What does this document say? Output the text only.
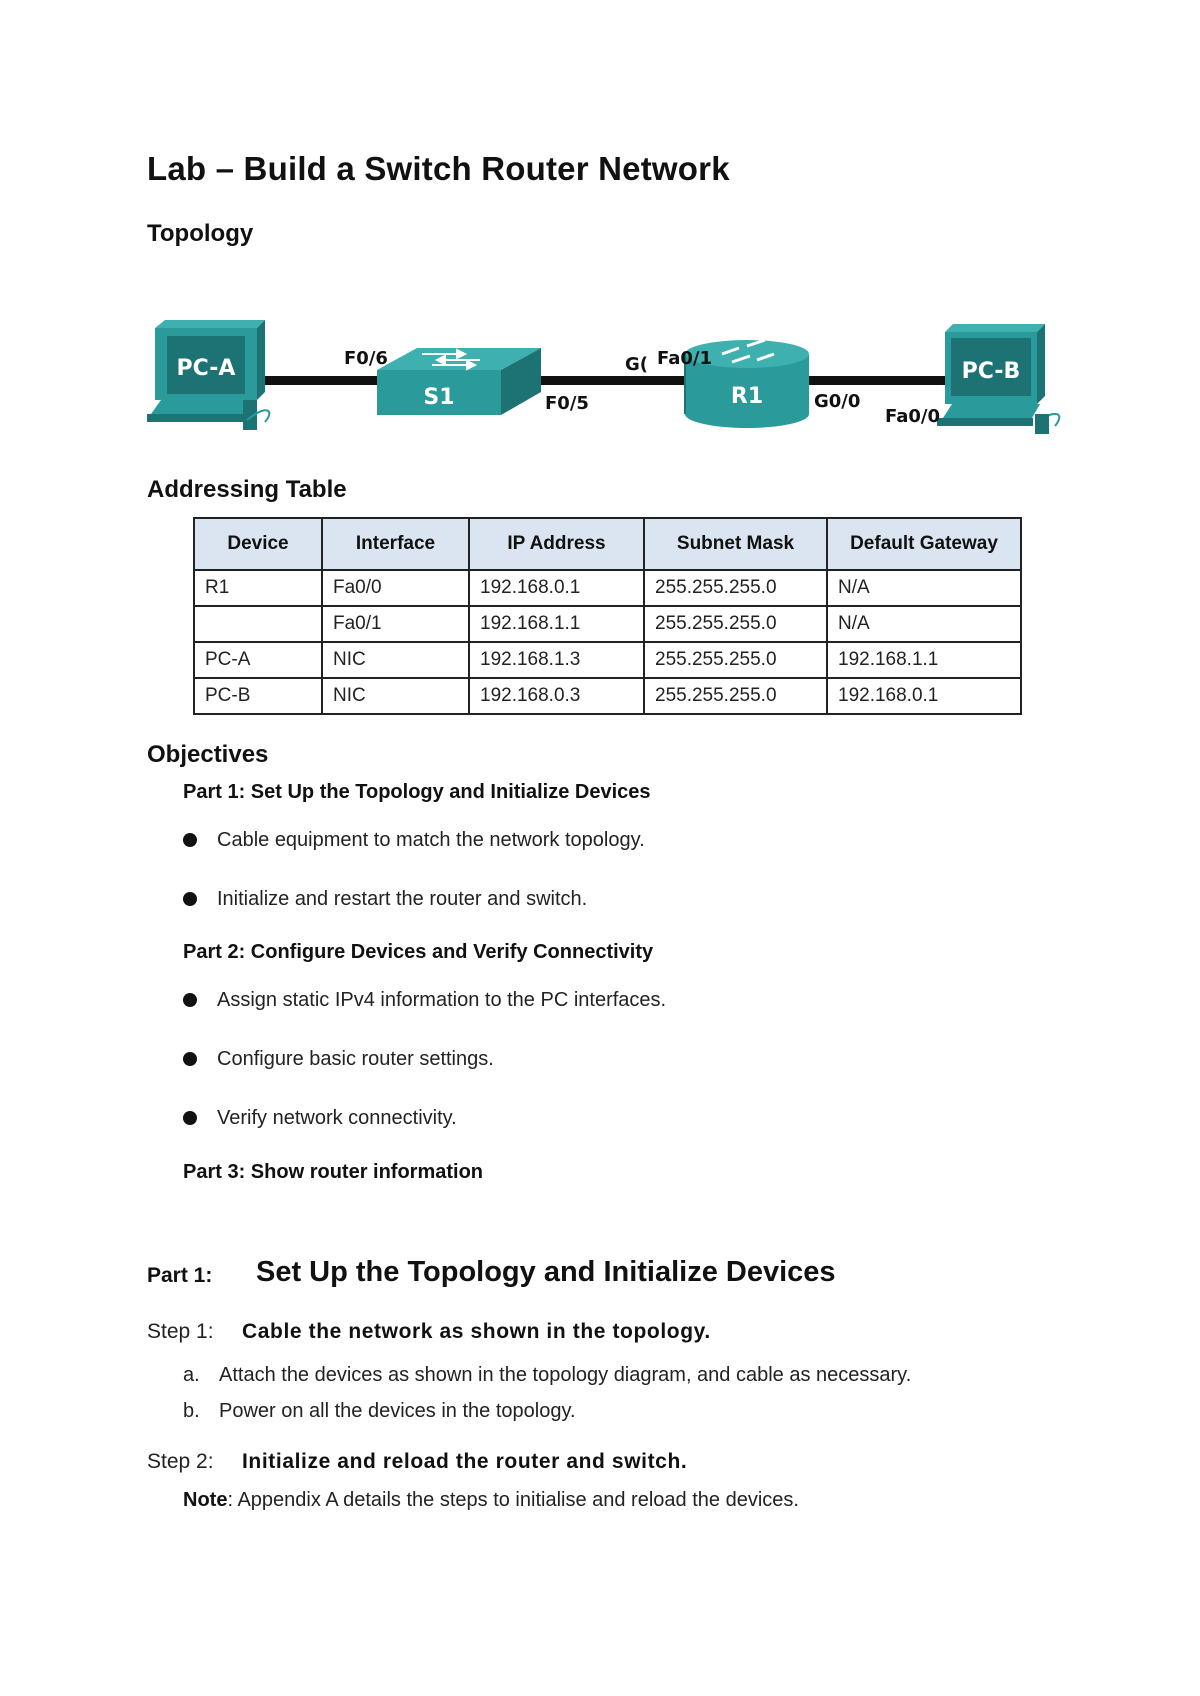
Lab – Build a Switch Router Network
Topology
PC-A
S1	R1
PC-B
F0/6
F0/5
G( Fa0/1
G0/0
Fa0/0
Addressing Table
Device	Interface	IP Address	Subnet Mask	Default Gateway
R1	Fa0/0	192.168.0.1	255.255.255.0	N/A
	Fa0/1	192.168.1.1	255.255.255.0	N/A
PC-A	NIC	192.168.1.3	255.255.255.0	192.168.1.1
PC-B	NIC	192.168.0.3	255.255.255.0	192.168.0.1
Objectives
Part 1: Set Up the Topology and Initialize Devices
Cable equipment to match the network topology.
Initialize and restart the router and switch.
Part 2: Configure Devices and Verify Connectivity
Assign static IPv4 information to the PC interfaces.
Configure basic router settings.
Verify network connectivity.
Part 3: Show router information
Part 1: Set Up the Topology and Initialize Devices
Step 1: Cable the network as shown in the topology.
a. Attach the devices as shown in the topology diagram, and cable as necessary.
b. Power on all the devices in the topology.
Step 2: Initialize and reload the router and switch.
Note: Appendix A details the steps to initialise and reload the devices.
